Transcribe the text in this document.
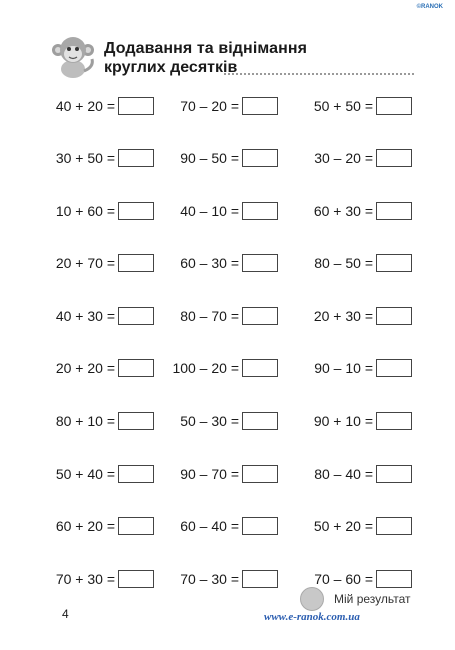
©RANOK
Додавання та віднімання
круглих десятків
40 + 20 =	70 – 20 =	50 + 50 =
30 + 50 =	90 – 50 =	30 – 20 =
10 + 60 =	40 – 10 =	60 + 30 =
20 + 70 =	60 – 30 =	80 – 50 =
40 + 30 =	80 – 70 =	20 + 30 =
20 + 20 =	100 – 20 =	90 – 10 =
80 + 10 =	50 – 30 =	90 + 10 =
50 + 40 =	90 – 70 =	80 – 40 =
60 + 20 =	60 – 40 =	50 + 20 =
70 + 30 =	70 – 30 =	70 – 60 =
4
Мій результат
www.e-ranok.com.ua
